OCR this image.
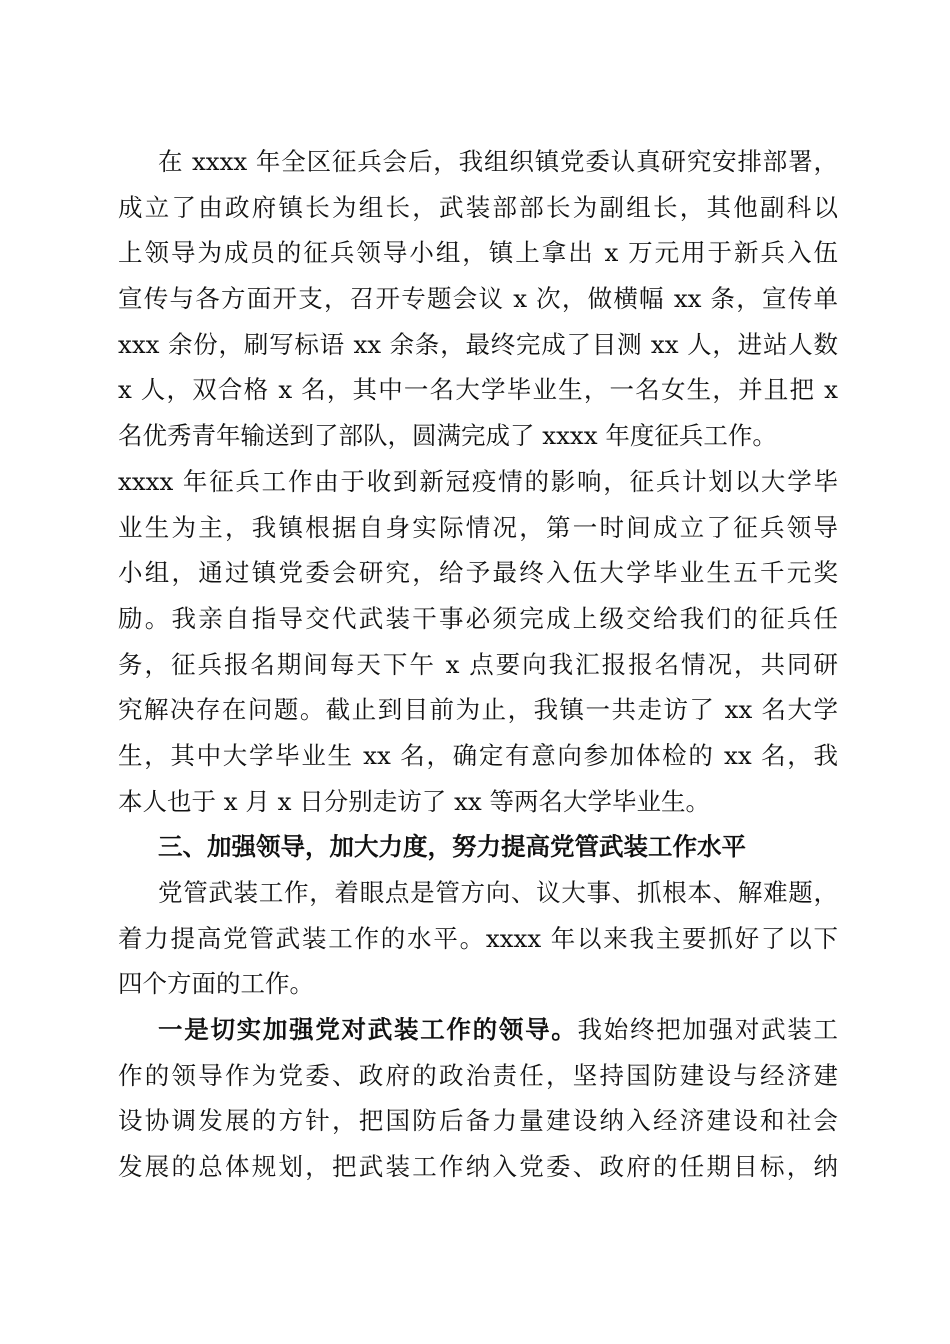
在 xxxx 年全区征兵会后，我组织镇党委认真研究安排部署，
成立了由政府镇长为组长，武装部部长为副组长，其他副科以
上领导为成员的征兵领导小组，镇上拿出 x 万元用于新兵入伍
宣传与各方面开支，召开专题会议 x 次，做横幅 xx 条，宣传单
xxx 余份，刷写标语 xx 余条，最终完成了目测 xx 人，进站人数
x 人，双合格 x 名，其中一名大学毕业生，一名女生，并且把 x
名优秀青年输送到了部队，圆满完成了 xxxx 年度征兵工作。
xxxx 年征兵工作由于收到新冠疫情的影响，征兵计划以大学毕
业生为主，我镇根据自身实际情况，第一时间成立了征兵领导
小组，通过镇党委会研究，给予最终入伍大学毕业生五千元奖
励。我亲自指导交代武装干事必须完成上级交给我们的征兵任
务，征兵报名期间每天下午 x 点要向我汇报报名情况，共同研
究解决存在问题。截止到目前为止，我镇一共走访了 xx 名大学
生，其中大学毕业生 xx 名，确定有意向参加体检的 xx 名，我
本人也于 x 月 x 日分别走访了 xx 等两名大学毕业生。
三、加强领导，加大力度，努力提高党管武装工作水平
党管武装工作，着眼点是管方向、议大事、抓根本、解难题，
着力提高党管武装工作的水平。xxxx 年以来我主要抓好了以下
四个方面的工作。
一是切实加强党对武装工作的领导。我始终把加强对武装工
作的领导作为党委、政府的政治责任，坚持国防建设与经济建
设协调发展的方针，把国防后备力量建设纳入经济建设和社会
发展的总体规划，把武装工作纳入党委、政府的任期目标，纳
